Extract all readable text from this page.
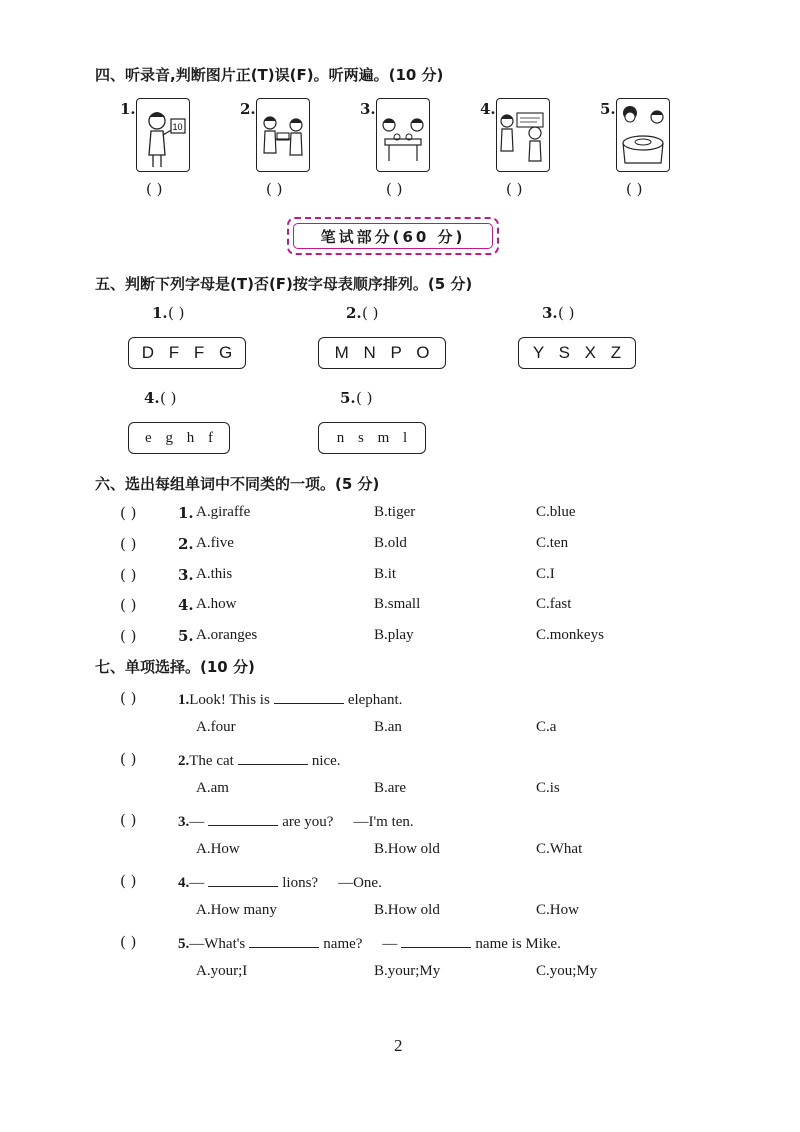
四、听录音,判断图片正(T)误(F)。听两遍。(10 分)
1.
10
( )
2.
( )
3.
( )
4.
( )
5.
( )
笔试部分(60 分)
五、判断下列字母是(T)否(F)按字母表顺序排列。(5 分)
1. ( )
D F F G
2. ( )
M N P O
3. ( )
Y S X Z
4. ( )
e g h f
5. ( )
n s m l
六、选出每组单词中不同类的一项。(5 分)
( )	1. A.giraffe	B.tiger	C.blue
( )	2. A.five	B.old	C.ten
( )	3. A.this	B.it	C.I
( )	4. A.how	B.small	C.fast
( )	5. A.oranges	B.play	C.monkeys
七、单项选择。(10 分)
( )	1.Look! This is	elephant.
A.four	B.an	C.a
( )	2.The cat	nice.
A.am	B.are	C.is
( )	3.—	are you? —I'm ten.
A.How	B.How old	C.What
( )	4.—	lions? —One.
A.How many	B.How old	C.How
( )	5.—What's	name? —	name is Mike.
A.your;I	B.your;My	C.you;My
2
